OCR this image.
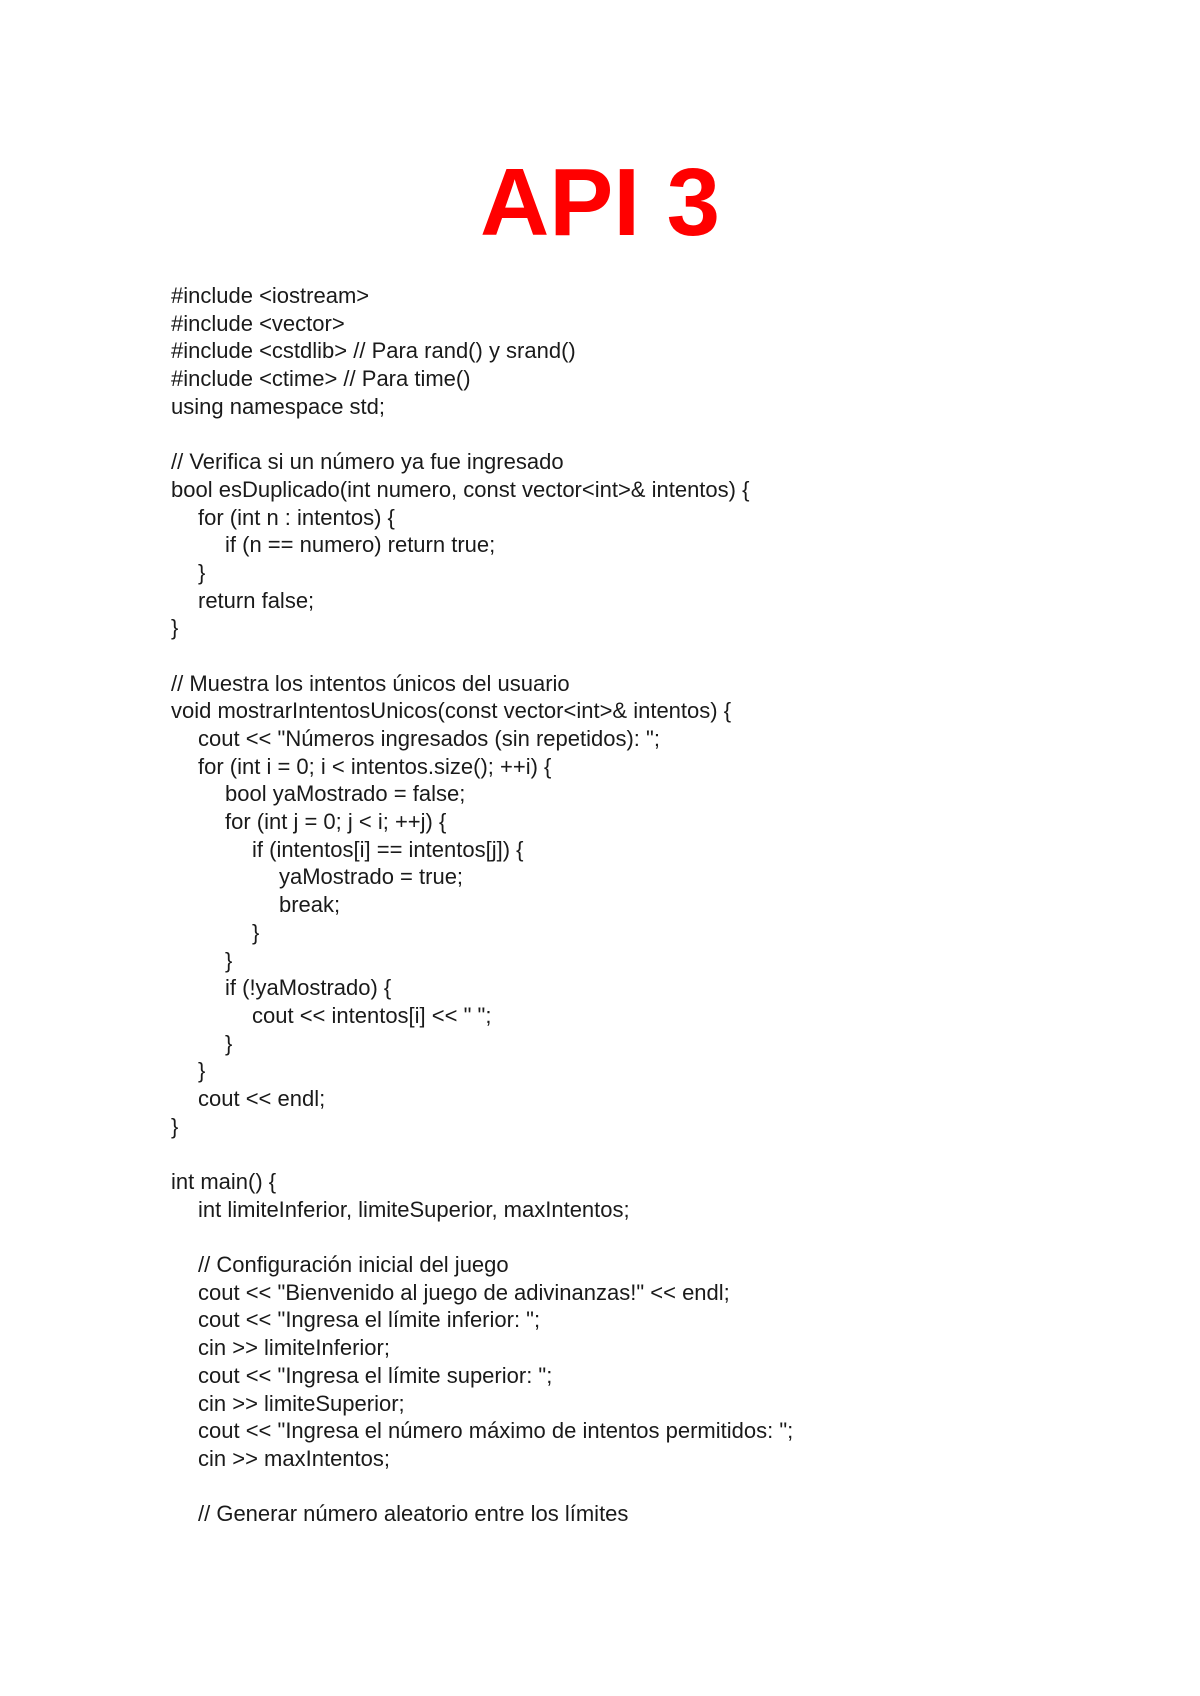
API 3
#include <iostream>
#include <vector>
#include <cstdlib> // Para rand() y srand()
#include <ctime> // Para time()
using namespace std;
// Verifica si un número ya fue ingresado
bool esDuplicado(int numero, const vector<int>& intentos) {
for (int n : intentos) {
if (n == numero) return true;
}
return false;
}
// Muestra los intentos únicos del usuario
void mostrarIntentosUnicos(const vector<int>& intentos) {
cout << "Números ingresados (sin repetidos): ";
for (int i = 0; i < intentos.size(); ++i) {
bool yaMostrado = false;
for (int j = 0; j < i; ++j) {
if (intentos[i] == intentos[j]) {
yaMostrado = true;
break;
}
}
if (!yaMostrado) {
cout << intentos[i] << " ";
}
}
cout << endl;
}
int main() {
int limiteInferior, limiteSuperior, maxIntentos;
// Configuración inicial del juego
cout << "Bienvenido al juego de adivinanzas!" << endl;
cout << "Ingresa el límite inferior: ";
cin >> limiteInferior;
cout << "Ingresa el límite superior: ";
cin >> limiteSuperior;
cout << "Ingresa el número máximo de intentos permitidos: ";
cin >> maxIntentos;
// Generar número aleatorio entre los límites
